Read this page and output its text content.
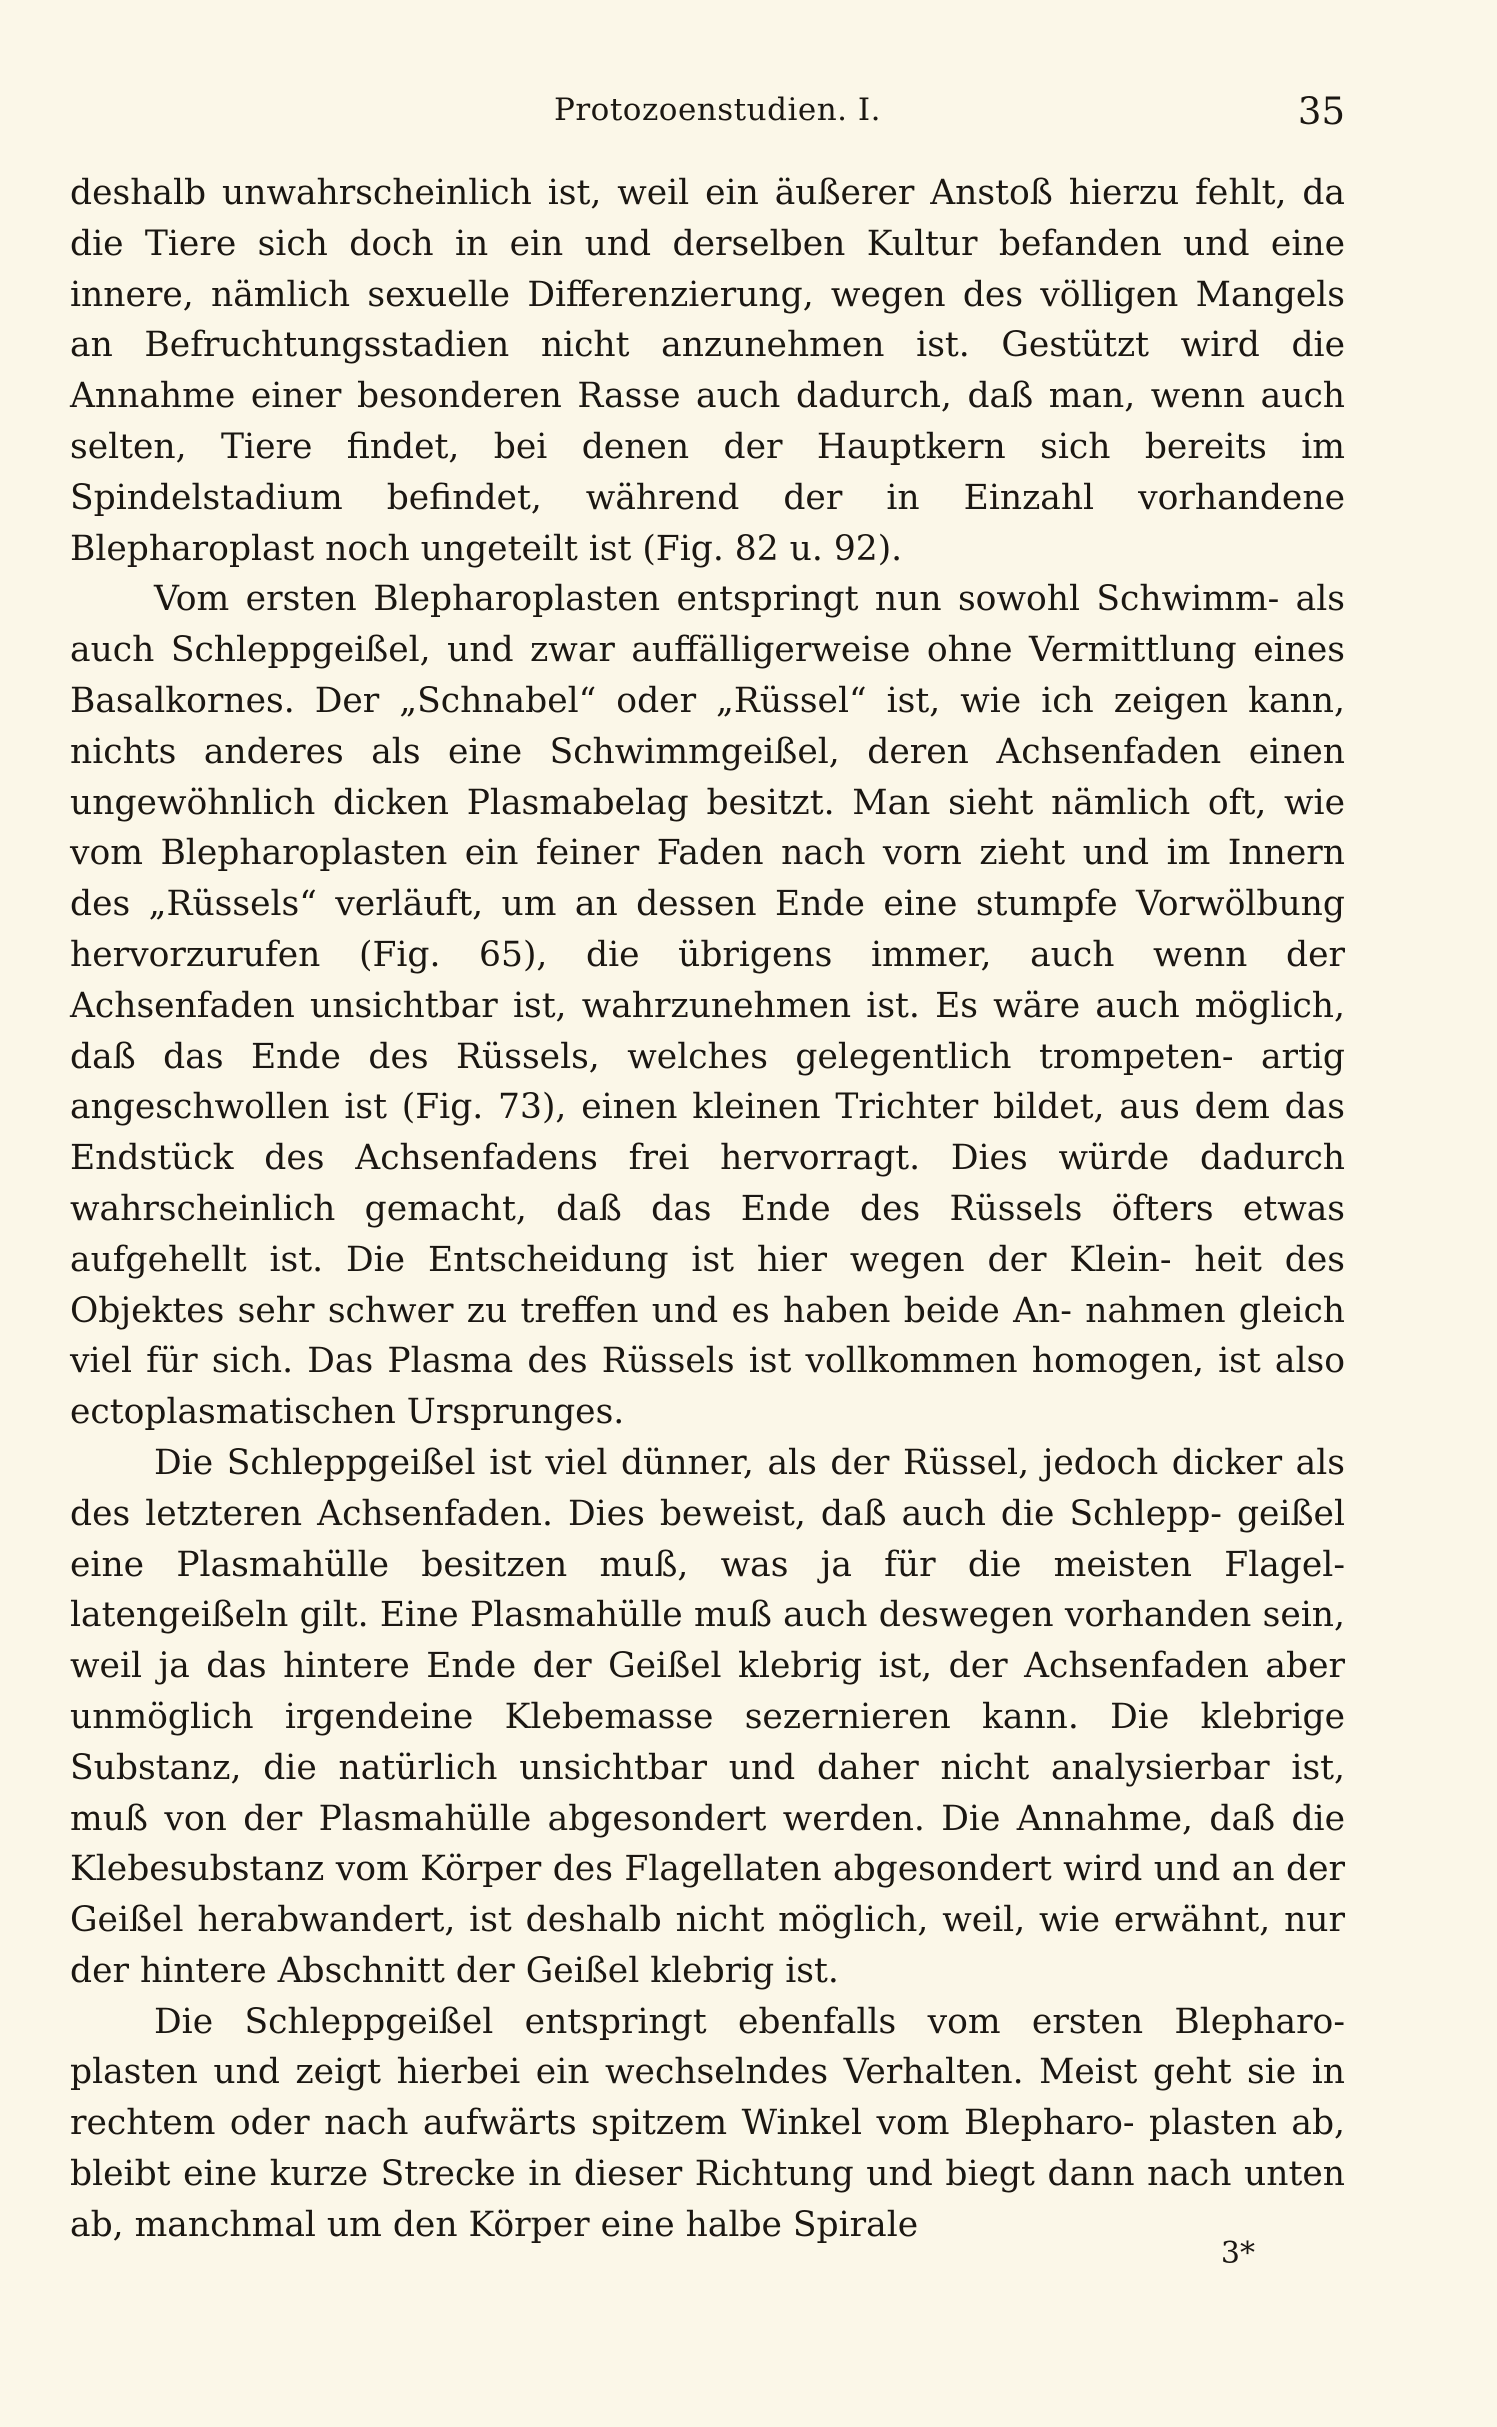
Protozoenstudien. I.	35

deshalb unwahrscheinlich ist, weil ein äußerer Anstoß hierzu fehlt, da die Tiere sich doch in ein und derselben Kultur befanden und eine innere, nämlich sexuelle Differenzierung, wegen des völligen Mangels an Befruchtungsstadien nicht anzunehmen ist. Gestützt wird die Annahme einer besonderen Rasse auch dadurch, daß man, wenn auch selten, Tiere findet, bei denen der Hauptkern sich bereits im Spindelstadium befindet, während der in Einzahl vorhandene Blepharoplast noch ungeteilt ist (Fig. 82 u. 92).

Vom ersten Blepharoplasten entspringt nun sowohl Schwimm- als auch Schleppgeißel, und zwar auffälligerweise ohne Vermittlung eines Basalkornes. Der „Schnabel“ oder „Rüssel“ ist, wie ich zeigen kann, nichts anderes als eine Schwimmgeißel, deren Achsenfaden einen ungewöhnlich dicken Plasmabelag besitzt. Man sieht nämlich oft, wie vom Blepharoplasten ein feiner Faden nach vorn zieht und im Innern des „Rüssels“ verläuft, um an dessen Ende eine stumpfe Vorwölbung hervorzurufen (Fig. 65), die übrigens immer, auch wenn der Achsenfaden unsichtbar ist, wahrzunehmen ist. Es wäre auch möglich, daß das Ende des Rüssels, welches gelegentlich trompeten- artig angeschwollen ist (Fig. 73), einen kleinen Trichter bildet, aus dem das Endstück des Achsenfadens frei hervorragt. Dies würde dadurch wahrscheinlich gemacht, daß das Ende des Rüssels öfters etwas aufgehellt ist. Die Entscheidung ist hier wegen der Klein- heit des Objektes sehr schwer zu treffen und es haben beide An- nahmen gleich viel für sich. Das Plasma des Rüssels ist vollkommen homogen, ist also ectoplasmatischen Ursprunges.

Die Schleppgeißel ist viel dünner, als der Rüssel, jedoch dicker als des letzteren Achsenfaden. Dies beweist, daß auch die Schlepp- geißel eine Plasmahülle besitzen muß, was ja für die meisten Flagel- latengeißeln gilt. Eine Plasmahülle muß auch deswegen vorhanden sein, weil ja das hintere Ende der Geißel klebrig ist, der Achsenfaden aber unmöglich irgendeine Klebemasse sezernieren kann. Die klebrige Substanz, die natürlich unsichtbar und daher nicht analysierbar ist, muß von der Plasmahülle abgesondert werden. Die Annahme, daß die Klebesubstanz vom Körper des Flagellaten abgesondert wird und an der Geißel herabwandert, ist deshalb nicht möglich, weil, wie erwähnt, nur der hintere Abschnitt der Geißel klebrig ist.

Die Schleppgeißel entspringt ebenfalls vom ersten Blepharo- plasten und zeigt hierbei ein wechselndes Verhalten. Meist geht sie in rechtem oder nach aufwärts spitzem Winkel vom Blepharo- plasten ab, bleibt eine kurze Strecke in dieser Richtung und biegt dann nach unten ab, manchmal um den Körper eine halbe Spirale

3*
